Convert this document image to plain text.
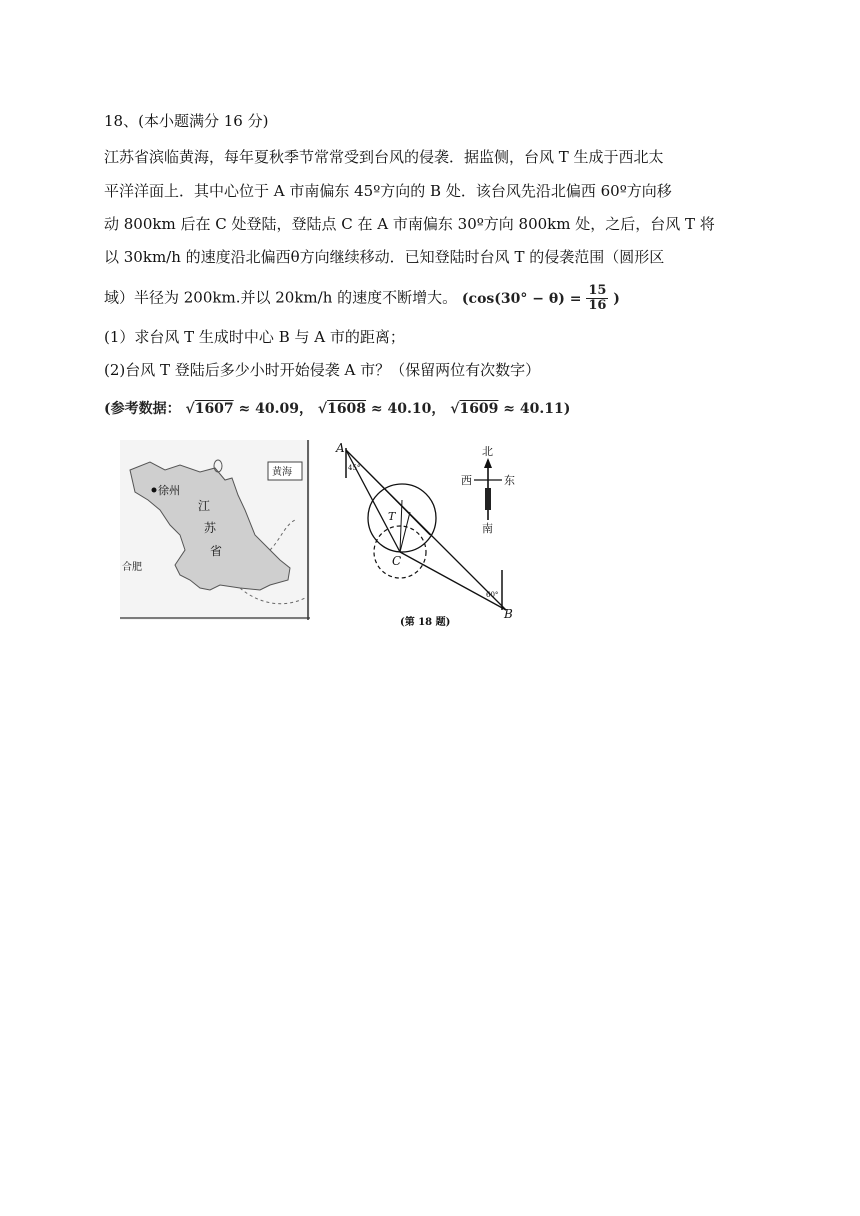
18、(本小题满分 16 分)
江苏省滨临黄海，每年夏秋季节常常受到台风的侵袭．据监侧，台风 T 生成于西北太
平洋洋面上．其中心位于 A 市南偏东 45º方向的 B 处．该台风先沿北偏西 60º方向移
动 800km 后在 C 处登陆，登陆点 C 在 A 市南偏东 30º方向 800km 处，之后，台风 T 将
以 30km/h 的速度沿北偏西θ方向继续移动．已知登陆时台风 T 的侵袭范围（圆形区
域）半径为 200km.并以 20km/h 的速度不断增大。 ($\cos(30^\circ - \theta) = \frac{15}{16}$ )
(1）求台风 T 生成时中心 B 与 A 市的距离；
(2)台风 T 登陆后多少小时开始侵袭 A 市？（保留两位有次数字）
(参考数据： √1607 ≈ 40.09， √1608 ≈ 40.10， √1609 ≈ 40.11)
黄海
徐州
江
苏
省
合肥
A
45°
T
C
60°
B
北
西	东
南
(第 18 题)
